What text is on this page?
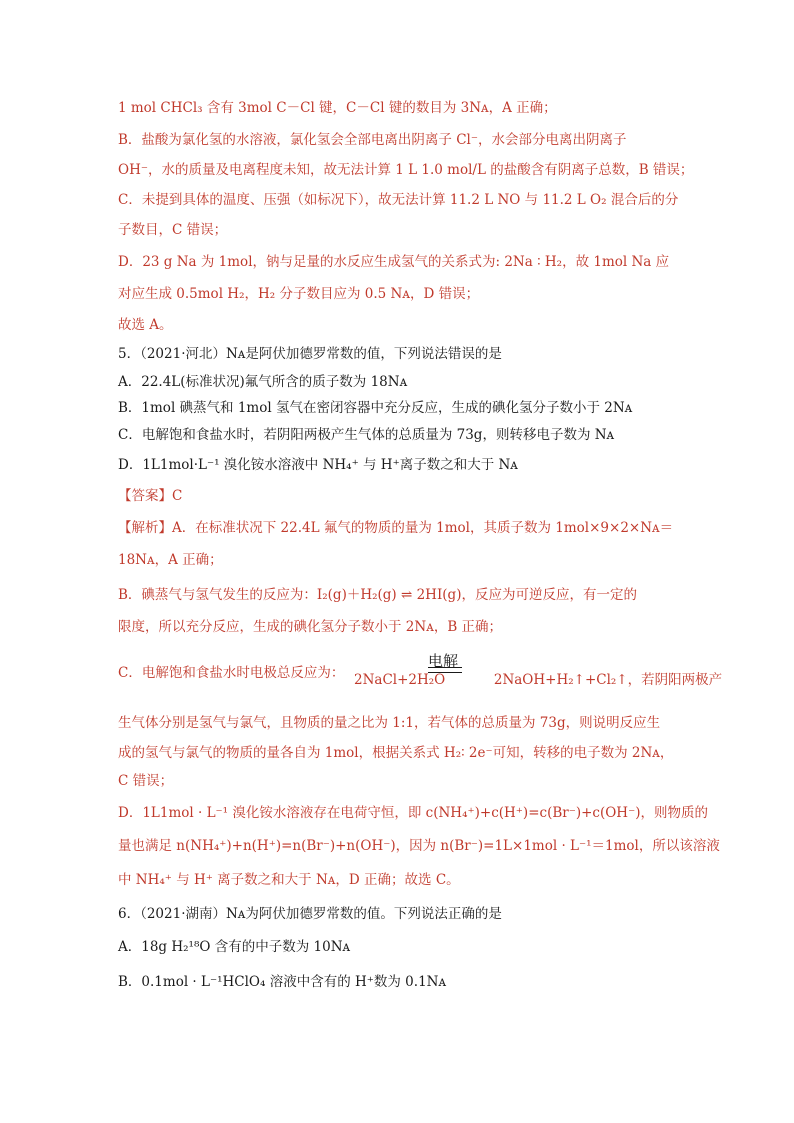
1 mol CHCl₃ 含有 3mol C－Cl 键，C－Cl 键的数目为 3Nᴀ，A 正确；
B．盐酸为氯化氢的水溶液，氯化氢会全部电离出阴离子 Cl⁻，水会部分电离出阴离子
OH⁻，水的质量及电离程度未知，故无法计算 1 L 1.0 mol/L 的盐酸含有阴离子总数，B 错误；
C．未提到具体的温度、压强（如标况下），故无法计算 11.2 L NO 与 11.2 L O₂ 混合后的分
子数目，C 错误；
D．23 g Na 为 1mol，钠与足量的水反应生成氢气的关系式为: 2Na ∶ H₂，故 1mol Na 应
对应生成 0.5mol H₂，H₂ 分子数目应为 0.5 Nᴀ，D 错误；
故选 A。
5．（2021·河北）Nᴀ是阿伏加德罗常数的值，下列说法错误的是
A．22.4L(标准状况)氟气所含的质子数为 18Nᴀ
B．1mol 碘蒸气和 1mol 氢气在密闭容器中充分反应，生成的碘化氢分子数小于 2Nᴀ
C．电解饱和食盐水时，若阴阳两极产生气体的总质量为 73g，则转移电子数为 Nᴀ
D．1L1mol·L⁻¹ 溴化铵水溶液中 NH₄⁺ 与 H⁺离子数之和大于 Nᴀ
【答案】C
【解析】A．在标准状况下 22.4L 氟气的物质的量为 1mol，其质子数为 1mol×9×2×Nᴀ＝
18Nᴀ，A 正确；
B．碘蒸气与氢气发生的反应为：I₂(g)＋H₂(g) ⇌ 2HI(g)，反应为可逆反应，有一定的
限度，所以充分反应，生成的碘化氢分子数小于 2Nᴀ，B 正确；
C．电解饱和食盐水时电极总反应为：
生气体分别是氢气与氯气，且物质的量之比为 1:1，若气体的总质量为 73g，则说明反应生
成的氢气与氯气的物质的量各自为 1mol，根据关系式 H₂∶ 2e⁻可知，转移的电子数为 2Nᴀ，
C 错误；
D．1L1mol · L⁻¹ 溴化铵水溶液存在电荷守恒，即 c(NH₄⁺)+c(H⁺)=c(Br⁻)+c(OH⁻)，则物质的
量也满足 n(NH₄⁺)+n(H⁺)=n(Br⁻)+n(OH⁻)，因为 n(Br⁻)=1L×1mol · L⁻¹＝1mol，所以该溶液
中 NH₄⁺ 与 H⁺ 离子数之和大于 Nᴀ，D 正确；故选 C。
6．（2021·湖南）Nᴀ为阿伏加德罗常数的值。下列说法正确的是
A．18g H₂¹⁸O 含有的中子数为 10Nᴀ
B．0.1mol · L⁻¹HClO₄ 溶液中含有的 H⁺数为 0.1Nᴀ
2NaCl+2H₂O
电解
2NaOH+H₂↑+Cl₂↑，若阴阳两极产
